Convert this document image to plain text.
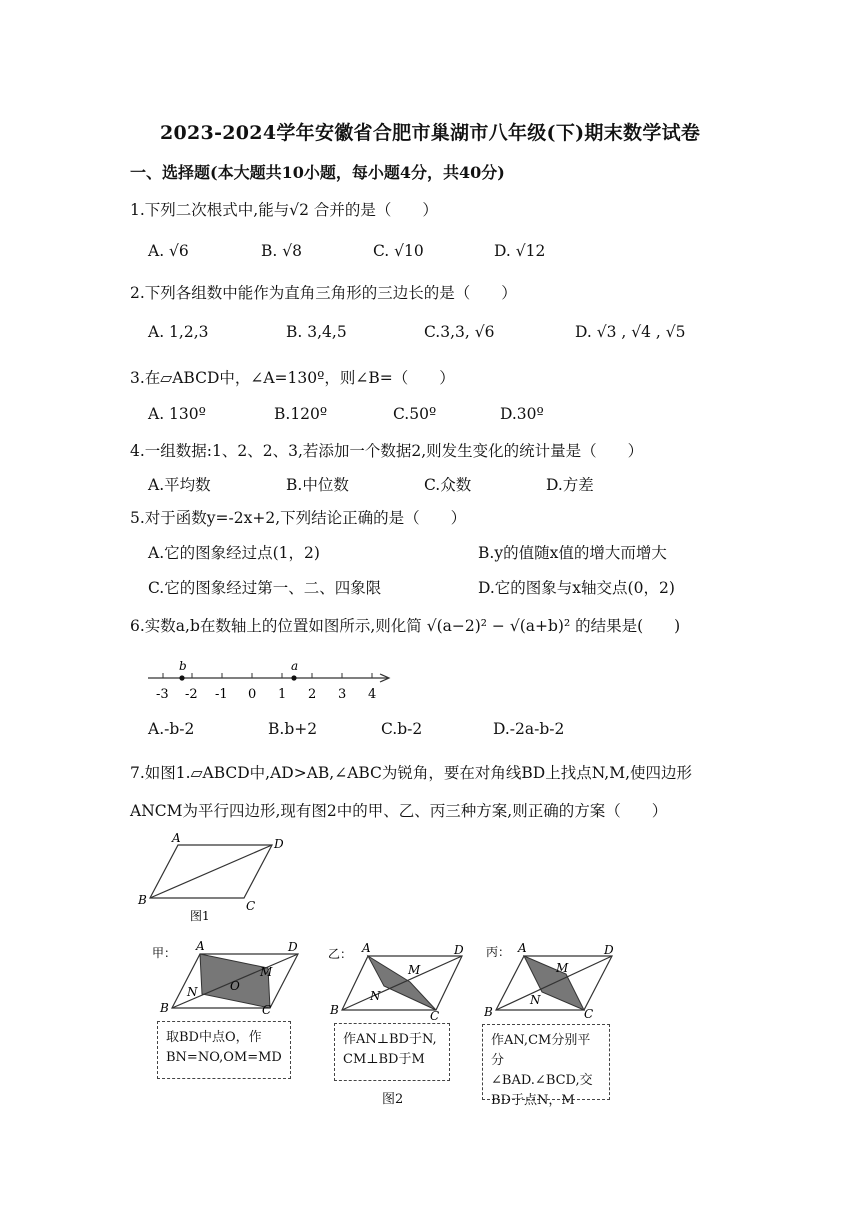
2023-2024学年安徽省合肥市巢湖市八年级(下)期末数学试卷
一、选择题(本大题共10小题，每小题4分，共40分)
1.下列二次根式中,能与√2 合并的是（　　）
A. √6	B. √8	C. √10	D. √12
2.下列各组数中能作为直角三角形的三边长的是（　　）
A. 1,2,3	B. 3,4,5	C.3,3, √6	D. √3 , √4 , √5
3.在▱ABCD中，∠A=130º，则∠B=（　　）
A. 130º	B.120º	C.50º	D.30º
4.一组数据:1、2、2、3,若添加一个数据2,则发生变化的统计量是（　　）
A.平均数	B.中位数	C.众数	D.方差
5.对于函数y=-2x+2,下列结论正确的是（　　）
A.它的图象经过点(1，2)	B.y的值随x值的增大而增大
C.它的图象经过第一、二、四象限	D.它的图象与x轴交点(0，2)
6.实数a,b在数轴上的位置如图所示,则化简 √(a−2)² − √(a+b)² 的结果是(　　)
b	a
-3 -2 -1 0 1 2 3 4
A.-b-2	B.b+2	C.b-2	D.-2a-b-2
7.如图1.▱ABCD中,AD>AB,∠ABC为锐角，要在对角线BD上找点N,M,使四边形
ANCM为平行四边形,现有图2中的甲、乙、丙三种方案,则正确的方案（　　）
A	D
B	C
图1
甲： A	D
B	C
N
M
O
取BD中点O，作
BN=NO,OM=MD
乙： A	D
B	C
N
M
作AN⊥BD于N,
CM⊥BD于M
图2
丙： A	D
B	C
N
M
作AN,CM分别平分
∠BAD.∠BCD,交
BD于点N，M
